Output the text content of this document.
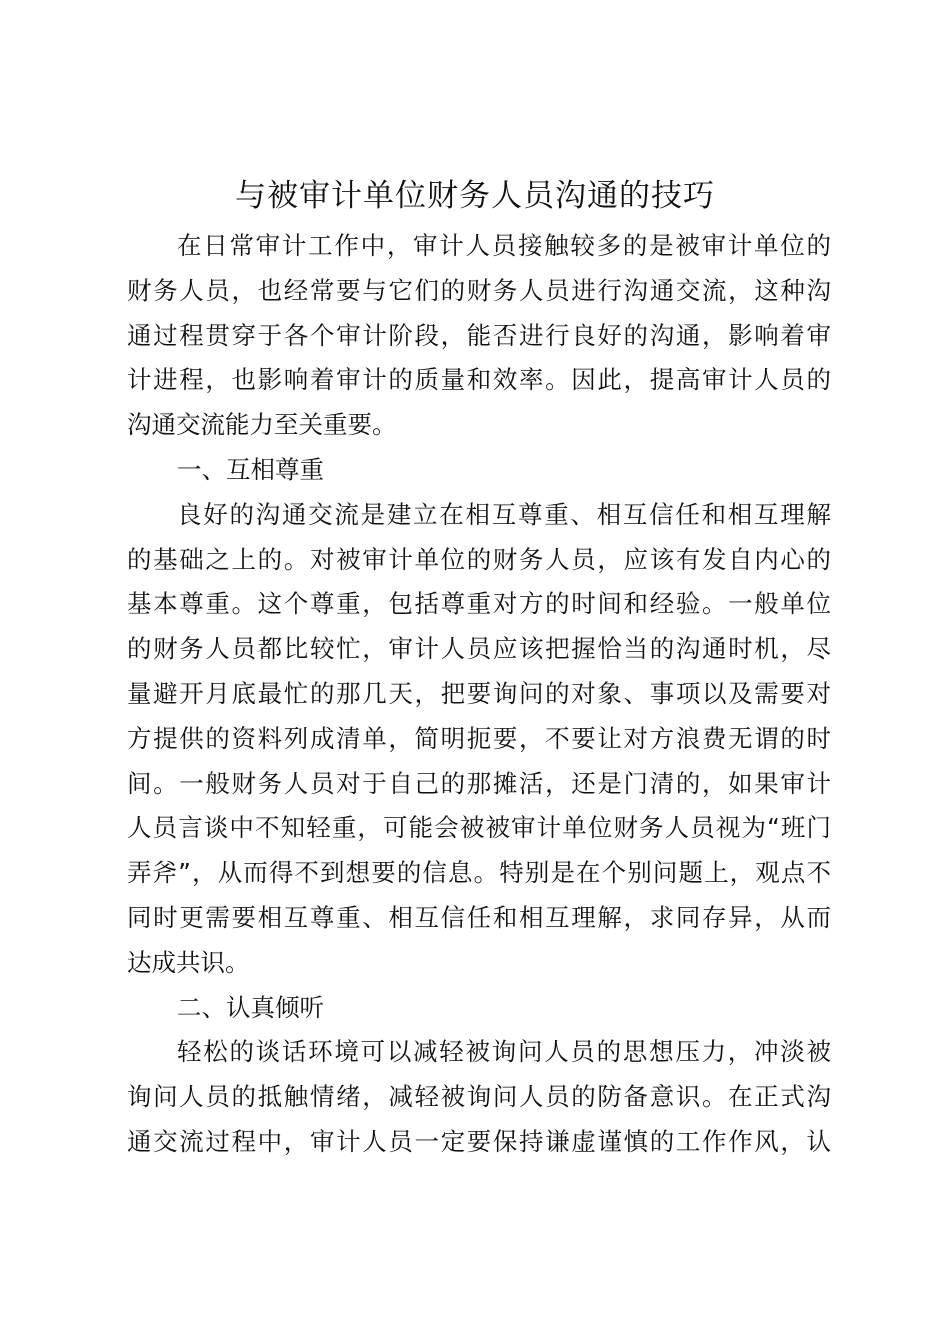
与被审计单位财务人员沟通的技巧
在日常审计工作中，审计人员接触较多的是被审计单位的
财务人员，也经常要与它们的财务人员进行沟通交流，这种沟
通过程贯穿于各个审计阶段，能否进行良好的沟通，影响着审
计进程，也影响着审计的质量和效率。因此，提高审计人员的
沟通交流能力至关重要。
一、互相尊重
良好的沟通交流是建立在相互尊重、相互信任和相互理解
的基础之上的。对被审计单位的财务人员，应该有发自内心的
基本尊重。这个尊重，包括尊重对方的时间和经验。一般单位
的财务人员都比较忙，审计人员应该把握恰当的沟通时机，尽
量避开月底最忙的那几天，把要询问的对象、事项以及需要对
方提供的资料列成清单，简明扼要，不要让对方浪费无谓的时
间。一般财务人员对于自己的那摊活，还是门清的，如果审计
人员言谈中不知轻重，可能会被被审计单位财务人员视为“班门
弄斧”，从而得不到想要的信息。特别是在个别问题上，观点不
同时更需要相互尊重、相互信任和相互理解，求同存异，从而
达成共识。
二、认真倾听
轻松的谈话环境可以减轻被询问人员的思想压力，冲淡被
询问人员的抵触情绪，减轻被询问人员的防备意识。在正式沟
通交流过程中，审计人员一定要保持谦虚谨慎的工作作风，认
